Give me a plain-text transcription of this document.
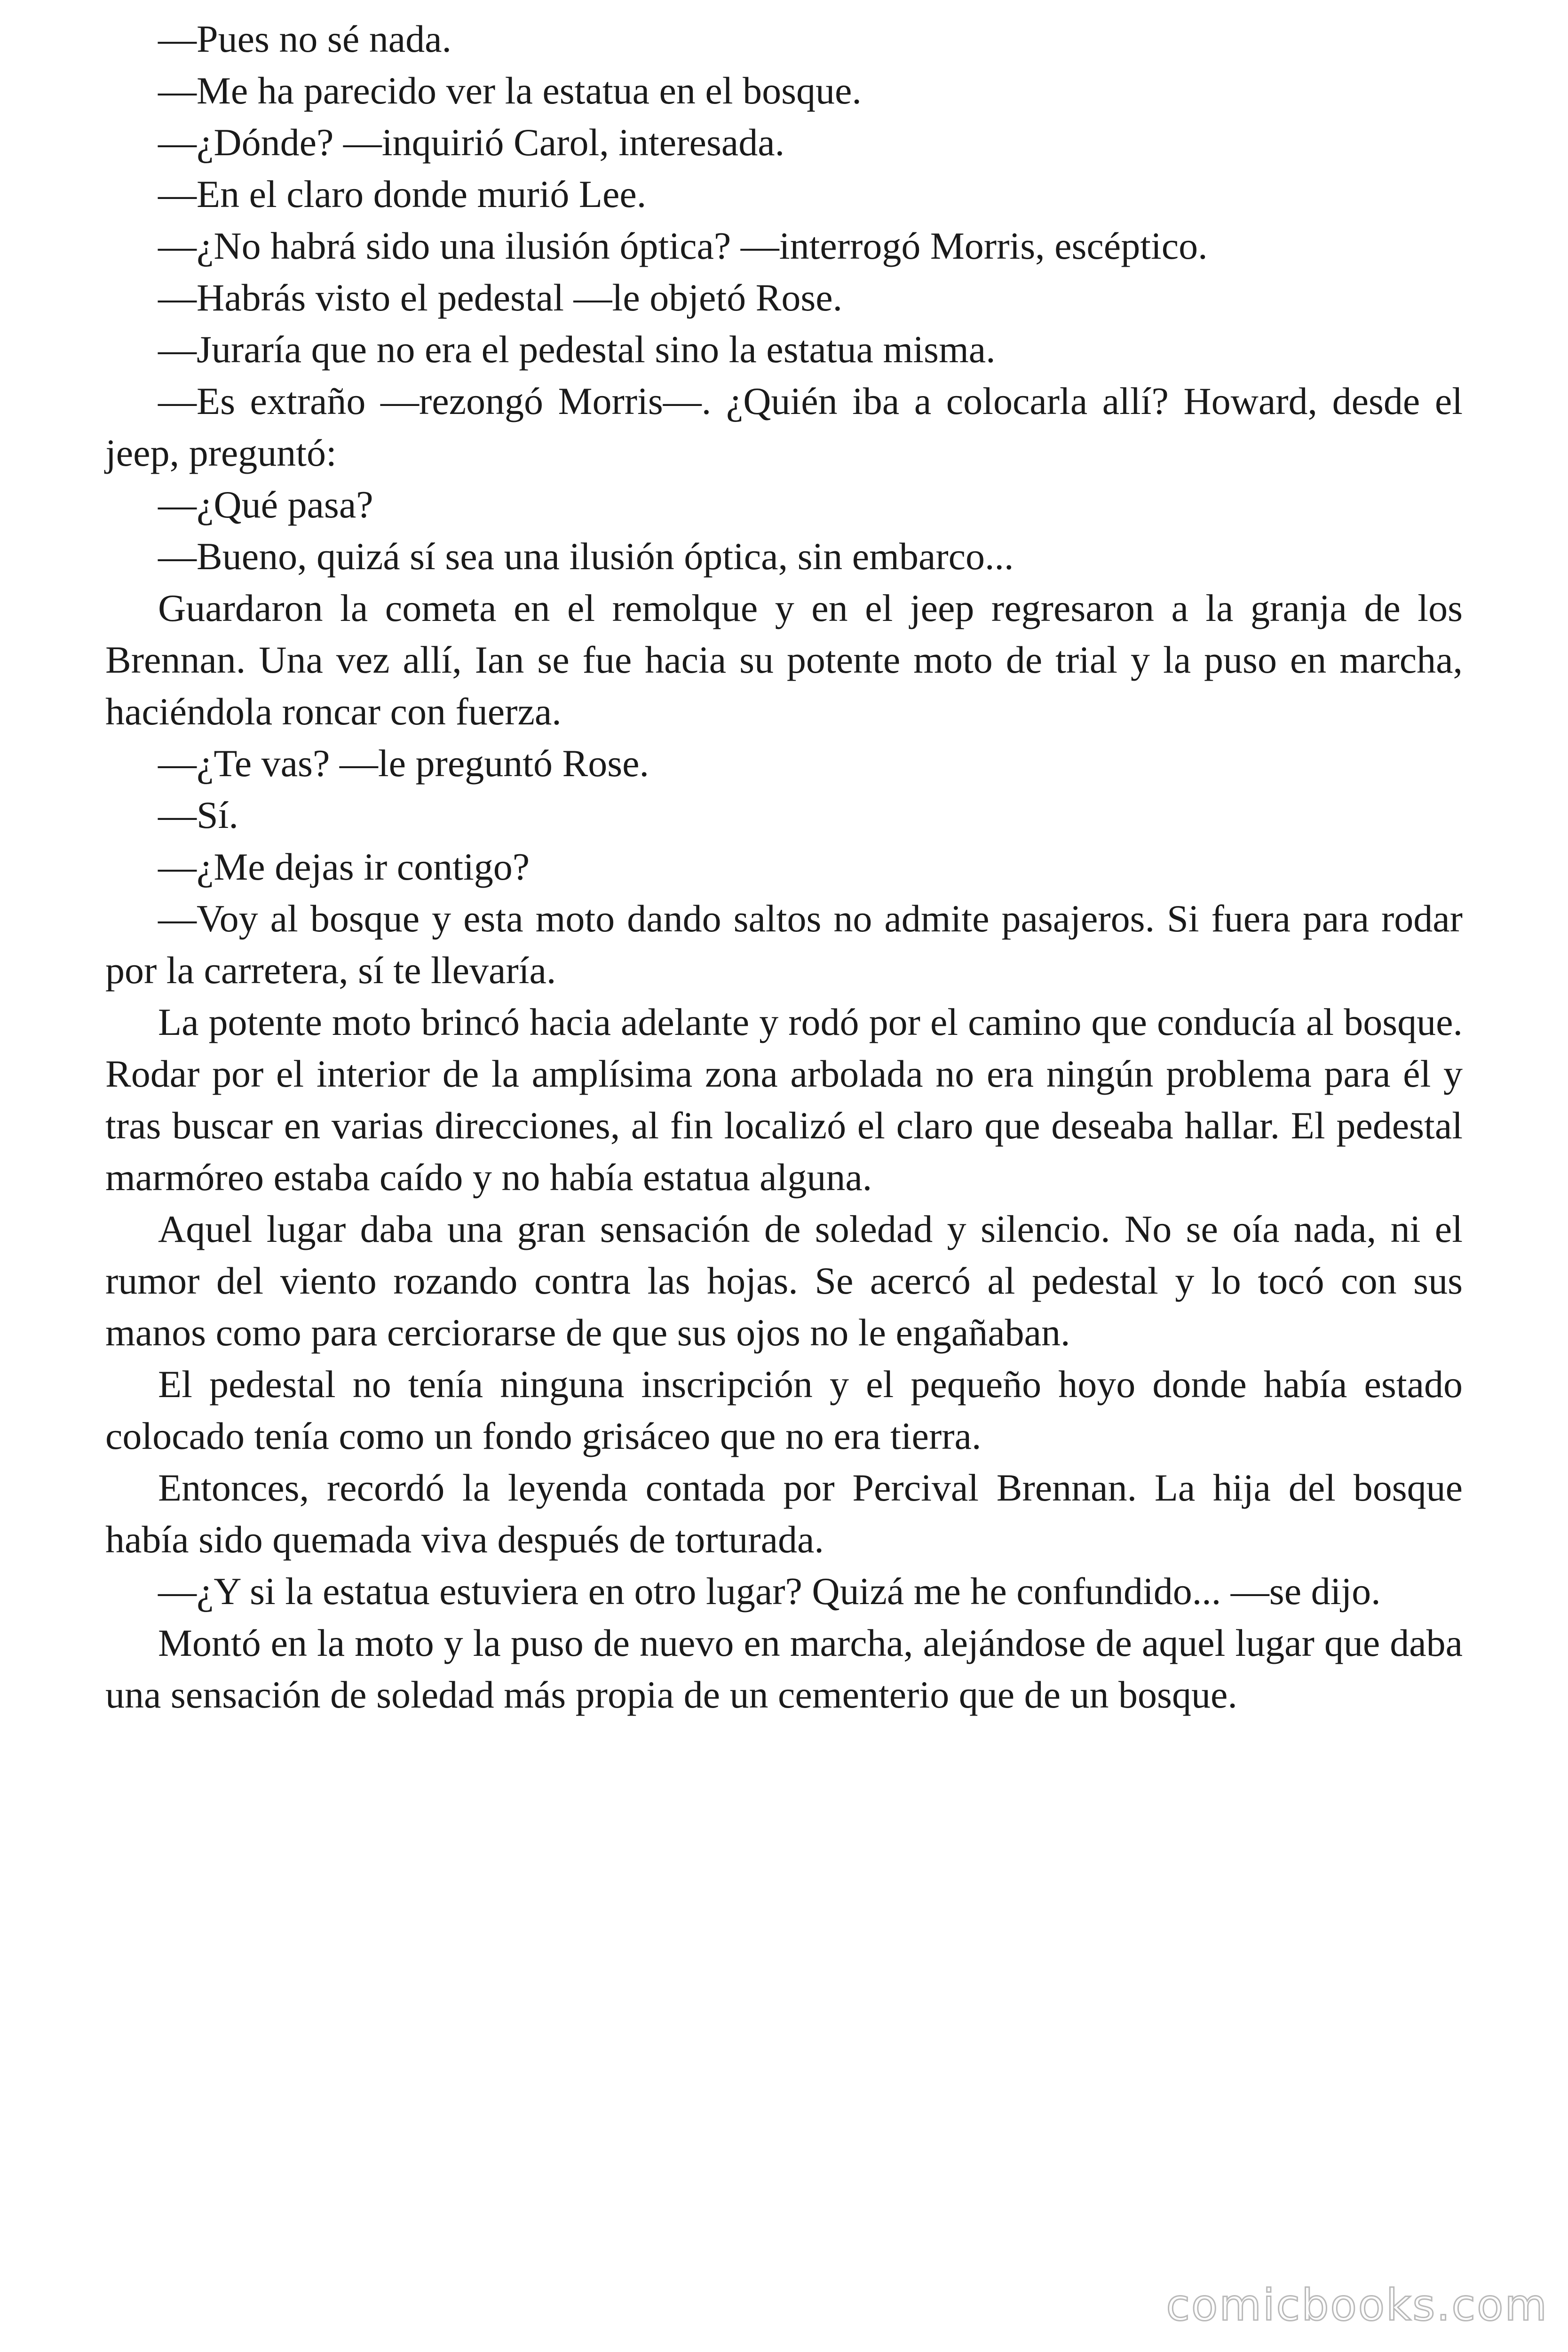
—Pues no sé nada.

—Me ha parecido ver la estatua en el bosque.

—¿Dónde? —inquirió Carol, interesada.

—En el claro donde murió Lee.

—¿No habrá sido una ilusión óptica? —interrogó Morris, escéptico.

—Habrás visto el pedestal —le objetó Rose.

—Juraría que no era el pedestal sino la estatua misma.

—Es extraño —rezongó Morris—. ¿Quién iba a colocarla allí? Howard, desde el jeep, preguntó:

—¿Qué pasa?

—Bueno, quizá sí sea una ilusión óptica, sin embarco...

Guardaron la cometa en el remolque y en el jeep regresaron a la granja de los Brennan. Una vez allí, Ian se fue hacia su potente moto de trial y la puso en marcha, haciéndola roncar con fuerza.

—¿Te vas? —le preguntó Rose.

—Sí.

—¿Me dejas ir contigo?

—Voy al bosque y esta moto dando saltos no admite pasajeros. Si fuera para rodar por la carretera, sí te llevaría.

La potente moto brincó hacia adelante y rodó por el camino que conducía al bosque. Rodar por el interior de la amplísima zona arbolada no era ningún problema para él y tras buscar en varias direcciones, al fin localizó el claro que deseaba hallar. El pedestal marmóreo estaba caído y no había estatua alguna.

Aquel lugar daba una gran sensación de soledad y silencio. No se oía nada, ni el rumor del viento rozando contra las hojas. Se acercó al pedestal y lo tocó con sus manos como para cerciorarse de que sus ojos no le engañaban.

El pedestal no tenía ninguna inscripción y el pequeño hoyo donde había estado colocado tenía como un fondo grisáceo que no era tierra.

Entonces, recordó la leyenda contada por Percival Brennan. La hija del bosque había sido quemada viva después de torturada.

—¿Y si la estatua estuviera en otro lugar? Quizá me he confundido... —se dijo.

Montó en la moto y la puso de nuevo en marcha, alejándose de aquel lugar que daba una sensación de soledad más propia de un cementerio que de un bosque.

comicbooks.com
